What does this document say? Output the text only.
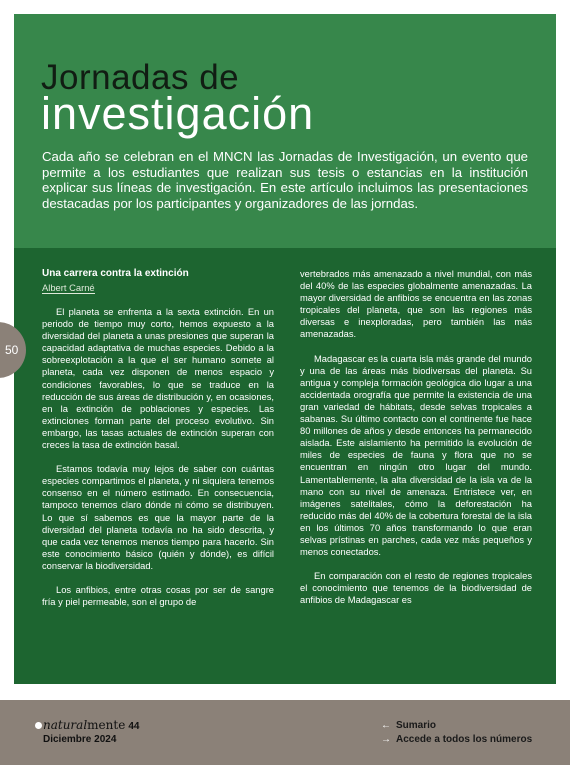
Jornadas de
investigación

Cada año se celebran en el MNCN las Jornadas de Investigación, un evento que permite a los estudiantes que realizan sus tesis o estancias en la institución explicar sus líneas de investigación. En este artículo incluimos las presentaciones destacadas por los participantes y organizadores de las jorndas.

Una carrera contra la extinción
Albert Carné

El planeta se enfrenta a la sexta extinción. En un periodo de tiempo muy corto, hemos expuesto a la diversidad del planeta a unas presiones que superan la capacidad adaptativa de muchas especies. Debido a la sobreexplotación a la que el ser humano somete al planeta, cada vez disponen de menos espacio y condiciones favorables, lo que se traduce en la reducción de sus áreas de distribución y, en ocasiones, en la extinción de poblaciones y especies. Las extinciones forman parte del proceso evolutivo. Sin embargo, las tasas actuales de extinción superan con creces la tasa de extinción basal.

Estamos todavía muy lejos de saber con cuántas especies compartimos el planeta, y ni siquiera tenemos consenso en el número estimado. En consecuencia, tampoco tenemos claro dónde ni cómo se distribuyen. Lo que sí sabemos es que la mayor parte de la diversidad del planeta todavía no ha sido descrita, y que cada vez tenemos menos tiempo para hacerlo. Sin este conocimiento básico (quién y dónde), es difícil conservar la biodiversidad.

Los anfibios, entre otras cosas por ser de sangre fría y piel permeable, son el grupo de

vertebrados más amenazado a nivel mundial, con más del 40% de las especies globalmente amenazadas. La mayor diversidad de anfibios se encuentra en las zonas tropicales del planeta, que son las regiones más diversas e inexploradas, pero también las más amenazadas.

Madagascar es la cuarta isla más grande del mundo y una de las áreas más biodiversas del planeta. Su antigua y compleja formación geológica dio lugar a una accidentada orografía que permite la existencia de una gran variedad de hábitats, desde selvas tropicales a sabanas. Su último contacto con el continente fue hace 80 millones de años y desde entonces ha permanecido aislada. Este aislamiento ha permitido la evolución de miles de especies de fauna y flora que no se encuentran en ningún otro lugar del mundo. Lamentablemente, la alta diversidad de la isla va de la mano con su nivel de amenaza. Entristece ver, en imágenes satelitales, cómo la deforestación ha reducido más del 40% de la cobertura forestal de la isla en los últimos 70 años transformando lo que eran selvas prístinas en parches, cada vez más pequeños y menos conectados.

En comparación con el resto de regiones tropicales el conocimiento que tenemos de la biodiversidad de anfibios de Madagascar es

50
naturalmente 44
Diciembre 2024
← Sumario
→ Accede a todos los números
